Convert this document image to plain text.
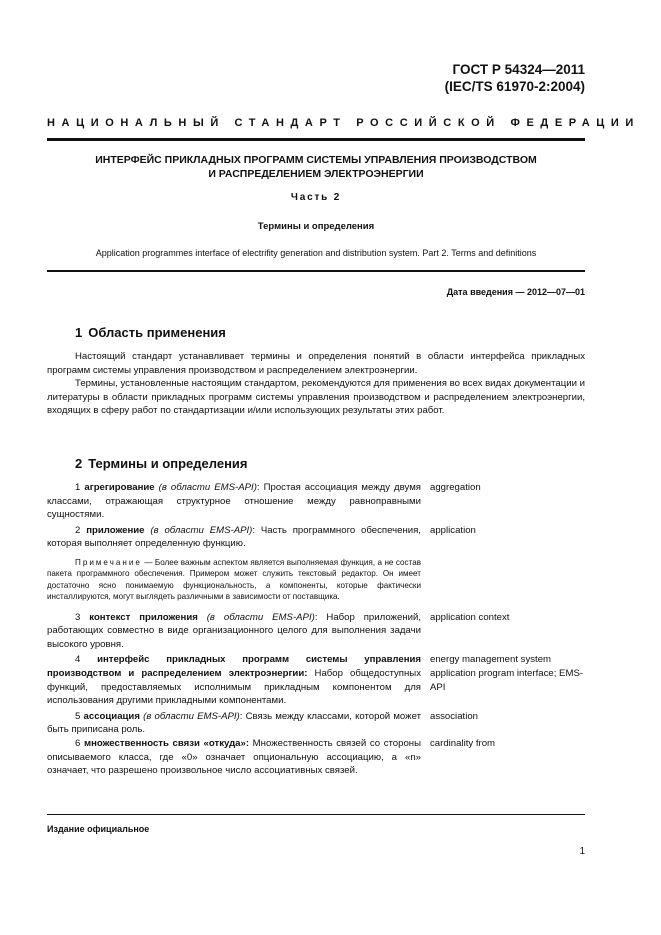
ГОСТ Р 54324—2011
(IEC/TS 61970-2:2004)
НАЦИОНАЛЬНЫЙ СТАНДАРТ РОССИЙСКОЙ ФЕДЕРАЦИИ
ИНТЕРФЕЙС ПРИКЛАДНЫХ ПРОГРАММ СИСТЕМЫ УПРАВЛЕНИЯ ПРОИЗВОДСТВОМ
И РАСПРЕДЕЛЕНИЕМ ЭЛЕКТРОЭНЕРГИИ
Часть 2
Термины и определения
Application programmes interface of electrifity generation and distribution system. Part 2. Terms and definitions
Дата введения — 2012—07—01
1 Область применения

Настоящий стандарт устанавливает термины и определения понятий в области интерфейса прикладных программ системы управления производством и распределением электроэнергии.

Термины, установленные настоящим стандартом, рекомендуются для применения во всех видах документации и литературы в области прикладных программ системы управления производством и распределением электроэнергии, входящих в сферу работ по стандартизации и/или использующих результаты этих работ.

2 Термины и определения
1 агрегирование (в области EMS-API): Простая ассоциация между двумя классами, отражающая структурное отношение между равноправными сущностями.
aggregation
2 приложение (в области EMS-API): Часть программного обеспечения, которая выполняет определенную функцию.
application
Примечание — Более важным аспектом является выполняемая функция, а не состав пакета программного обеспечения. Примером может служить текстовый редактор. Он имеет достаточно ясно понимаемую функциональность, а компоненты, которые фактически инсталлируются, могут выглядеть различными в зависимости от поставщика.
3 контекст приложения (в области EMS-API): Набор приложений, работающих совместно в виде организационного целого для выполнения задачи высокого уровня.
application context
4 интерфейс прикладных программ системы управления производством и распределением электроэнергии: Набор общедоступных функций, предоставляемых исполнимым прикладным компонентом для использования другими прикладными компонентами.
energy management system application program interface; EMS-API
5 ассоциация (в области EMS-API): Связь между классами, которой может быть приписана роль.
association
6 множественность связи «откуда»: Множественность связей со стороны описываемого класса, где «0» означает опциональную ассоциацию, а «n» означает, что разрешено произвольное число ассоциативных связей.
cardinality from
Издание официальное
1
